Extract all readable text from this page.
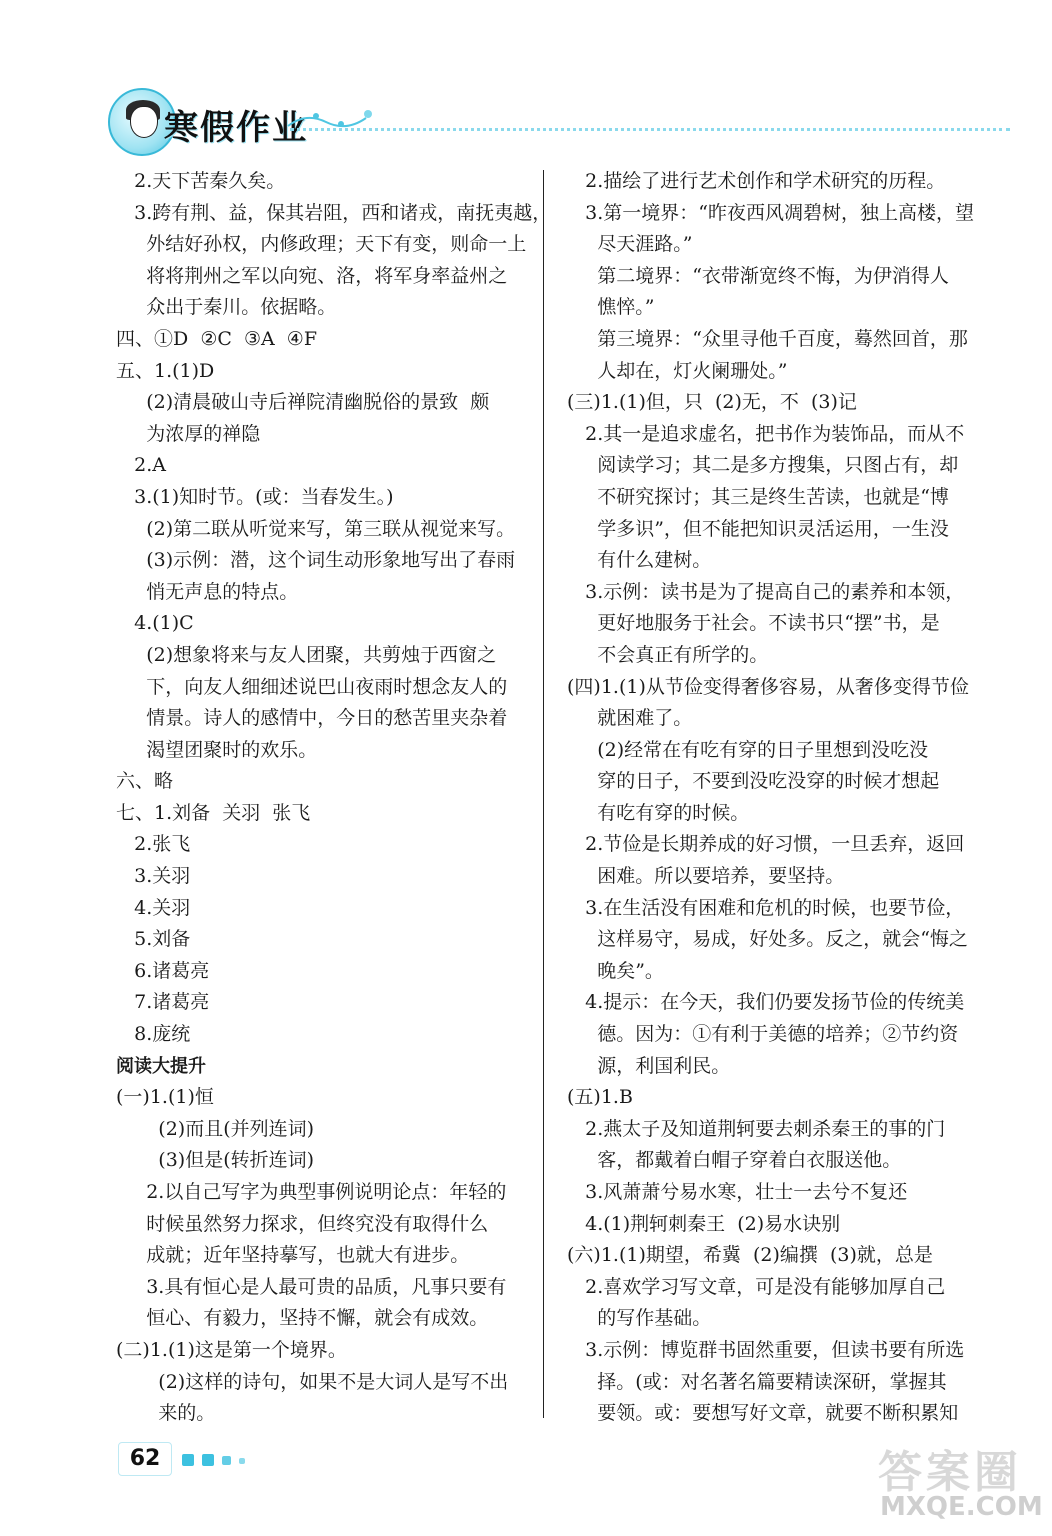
寒假作业
2.天下苦秦久矣。
3.跨有荆、益，保其岩阻，西和诸戎，南抚夷越，
外结好孙权，内修政理；天下有变，则命一上
将将荆州之军以向宛、洛，将军身率益州之
众出于秦川。依据略。
四、①D  ②C  ③A  ④F
五、1.(1)D
(2)清晨破山寺后禅院清幽脱俗的景致  颇
为浓厚的禅隐
2.A
3.(1)知时节。(或：当春发生。)
(2)第二联从听觉来写，第三联从视觉来写。
(3)示例：潜，这个词生动形象地写出了春雨
悄无声息的特点。
4.(1)C
(2)想象将来与友人团聚，共剪烛于西窗之
下，向友人细细述说巴山夜雨时想念友人的
情景。诗人的感情中，今日的愁苦里夹杂着
渴望团聚时的欢乐。
六、略
七、1.刘备  关羽  张飞
2.张飞
3.关羽
4.关羽
5.刘备
6.诸葛亮
7.诸葛亮
8.庞统
阅读大提升
(一)1.(1)恒
(2)而且(并列连词)
(3)但是(转折连词)
2.以自己写字为典型事例说明论点：年轻的
时候虽然努力探求，但终究没有取得什么
成就；近年坚持摹写，也就大有进步。
3.具有恒心是人最可贵的品质，凡事只要有
恒心、有毅力，坚持不懈，就会有成效。
(二)1.(1)这是第一个境界。
(2)这样的诗句，如果不是大词人是写不出
来的。
2.描绘了进行艺术创作和学术研究的历程。
3.第一境界：“昨夜西风凋碧树，独上高楼，望
尽天涯路。”
第二境界：“衣带渐宽终不悔，为伊消得人
憔悴。”
第三境界：“众里寻他千百度，蓦然回首，那
人却在，灯火阑珊处。”
(三)1.(1)但，只  (2)无，不  (3)记
2.其一是追求虚名，把书作为装饰品，而从不
阅读学习；其二是多方搜集，只图占有，却
不研究探讨；其三是终生苦读，也就是“博
学多识”，但不能把知识灵活运用，一生没
有什么建树。
3.示例：读书是为了提高自己的素养和本领，
更好地服务于社会。不读书只“摆”书，是
不会真正有所学的。
(四)1.(1)从节俭变得奢侈容易，从奢侈变得节俭
就困难了。
(2)经常在有吃有穿的日子里想到没吃没
穿的日子，不要到没吃没穿的时候才想起
有吃有穿的时候。
2.节俭是长期养成的好习惯，一旦丢弃，返回
困难。所以要培养，要坚持。
3.在生活没有困难和危机的时候，也要节俭，
这样易守，易成，好处多。反之，就会“悔之
晚矣”。
4.提示：在今天，我们仍要发扬节俭的传统美
德。因为：①有利于美德的培养；②节约资
源，利国利民。
(五)1.B
2.燕太子及知道荆轲要去刺杀秦王的事的门
客，都戴着白帽子穿着白衣服送他。
3.风萧萧兮易水寒，壮士一去兮不复还
4.(1)荆轲刺秦王  (2)易水诀别
(六)1.(1)期望，希冀  (2)编撰  (3)就，总是
2.喜欢学习写文章，可是没有能够加厚自己
的写作基础。
3.示例：博览群书固然重要，但读书要有所选
择。(或：对名著名篇要精读深研，掌握其
要领。或：要想写好文章，就要不断积累知
62	答案圈
MXQE.COM
